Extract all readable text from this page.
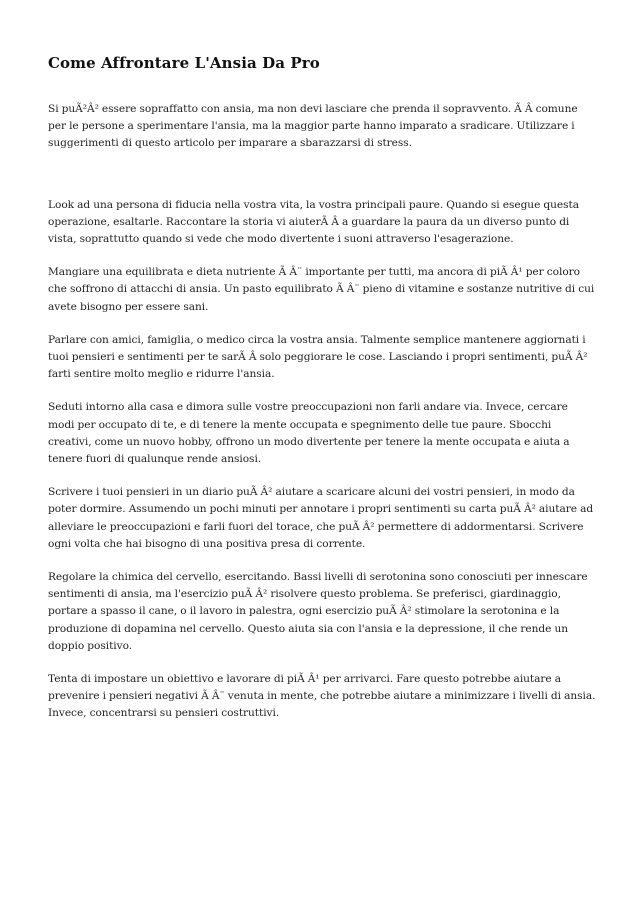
Come Affrontare L'Ansia Da Pro

Si puÃ²Â² essere sopraffatto con ansia, ma non devi lasciare che prenda il sopravvento. Ã Â comune per le persone a sperimentare l'ansia, ma la maggior parte hanno imparato a sradicare. Utilizzare i suggerimenti di questo articolo per imparare a sbarazzarsi di stress.

Look ad una persona di fiducia nella vostra vita, la vostra principali paure. Quando si esegue questa operazione, esaltarle. Raccontare la storia vi aiuterÃ Â a guardare la paura da un diverso punto di vista, soprattutto quando si vede che modo divertente i suoni attraverso l'esagerazione.

Mangiare una equilibrata e dieta nutriente Ã Â¨ importante per tutti, ma ancora di piÃ Â¹ per coloro che soffrono di attacchi di ansia. Un pasto equilibrato Ã Â¨ pieno di vitamine e sostanze nutritive di cui avete bisogno per essere sani.

Parlare con amici, famiglia, o medico circa la vostra ansia. Talmente semplice mantenere aggiornati i tuoi pensieri e sentimenti per te sarÃ Â solo peggiorare le cose. Lasciando i propri sentimenti, puÃ Â² farti sentire molto meglio e ridurre l'ansia.

Seduti intorno alla casa e dimora sulle vostre preoccupazioni non farli andare via. Invece, cercare modi per occupato di te, e di tenere la mente occupata e spegnimento delle tue paure. Sbocchi creativi, come un nuovo hobby, offrono un modo divertente per tenere la mente occupata e aiuta a tenere fuori di qualunque rende ansiosi.

Scrivere i tuoi pensieri in un diario puÃ Â² aiutare a scaricare alcuni dei vostri pensieri, in modo da poter dormire. Assumendo un pochi minuti per annotare i propri sentimenti su carta puÃ Â² aiutare ad alleviare le preoccupazioni e farli fuori del torace, che puÃ Â² permettere di addormentarsi. Scrivere ogni volta che hai bisogno di una positiva presa di corrente.

Regolare la chimica del cervello, esercitando. Bassi livelli di serotonina sono conosciuti per innescare sentimenti di ansia, ma l'esercizio puÃ Â² risolvere questo problema. Se preferisci, giardinaggio, portare a spasso il cane, o il lavoro in palestra, ogni esercizio puÃ Â² stimolare la serotonina e la produzione di dopamina nel cervello. Questo aiuta sia con l'ansia e la depressione, il che rende un doppio positivo.

Tenta di impostare un obiettivo e lavorare di piÃ Â¹ per arrivarci. Fare questo potrebbe aiutare a prevenire i pensieri negativi Ã Â¨ venuta in mente, che potrebbe aiutare a minimizzare i livelli di ansia. Invece, concentrarsi su pensieri costruttivi.
